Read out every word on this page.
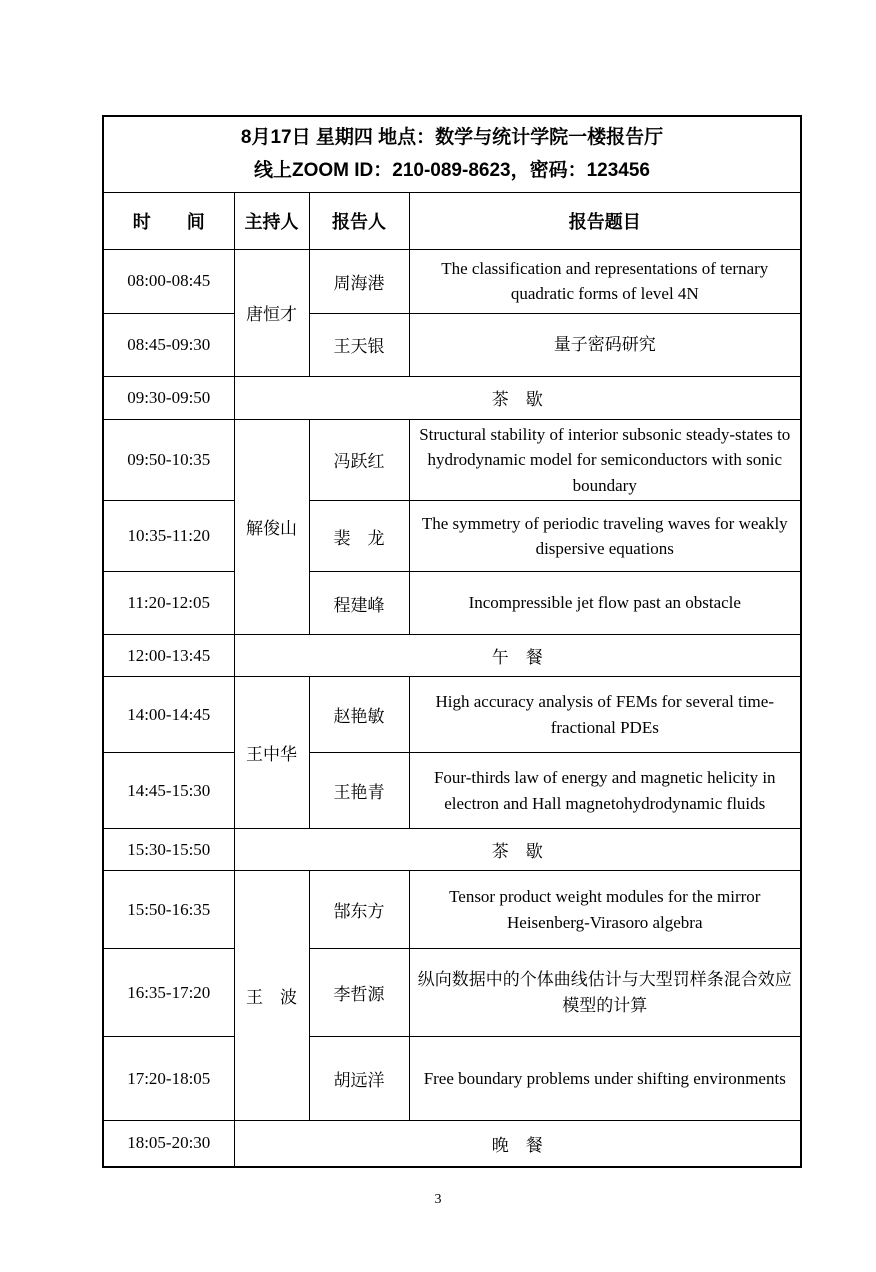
8月17日 星期四 地点：数学与统计学院一楼报告厅
线上ZOOM ID：210-089-8623，密码：123456			

时　　间	主持人	报告人	报告题目
08:00-08:45	唐恒才	周海港	The classification and representations of ternary quadratic forms of level 4N
08:45-09:30		王天银	量子密码研究
09:30-09:50	茶　歇		
09:50-10:35	解俊山	冯跃红	Structural stability of interior subsonic steady-states to hydrodynamic model for semiconductors with sonic boundary
10:35-11:20		裴　龙	The symmetry of periodic traveling waves for weakly dispersive equations
11:20-12:05		程建峰	Incompressible jet flow past an obstacle
12:00-13:45	午　餐		
14:00-14:45	王中华	赵艳敏	High accuracy analysis of FEMs for several time-fractional PDEs
14:45-15:30		王艳青	Four-thirds law of energy and magnetic helicity in electron and Hall magnetohydrodynamic fluids
15:30-15:50	茶　歇		
15:50-16:35	王　波	郜东方	Tensor product weight modules for the mirror Heisenberg-Virasoro algebra
16:35-17:20		李哲源	纵向数据中的个体曲线估计与大型罚样条混合效应模型的计算
17:20-18:05		胡远洋	Free boundary problems under shifting environments
18:05-20:30	晚　餐		
3
